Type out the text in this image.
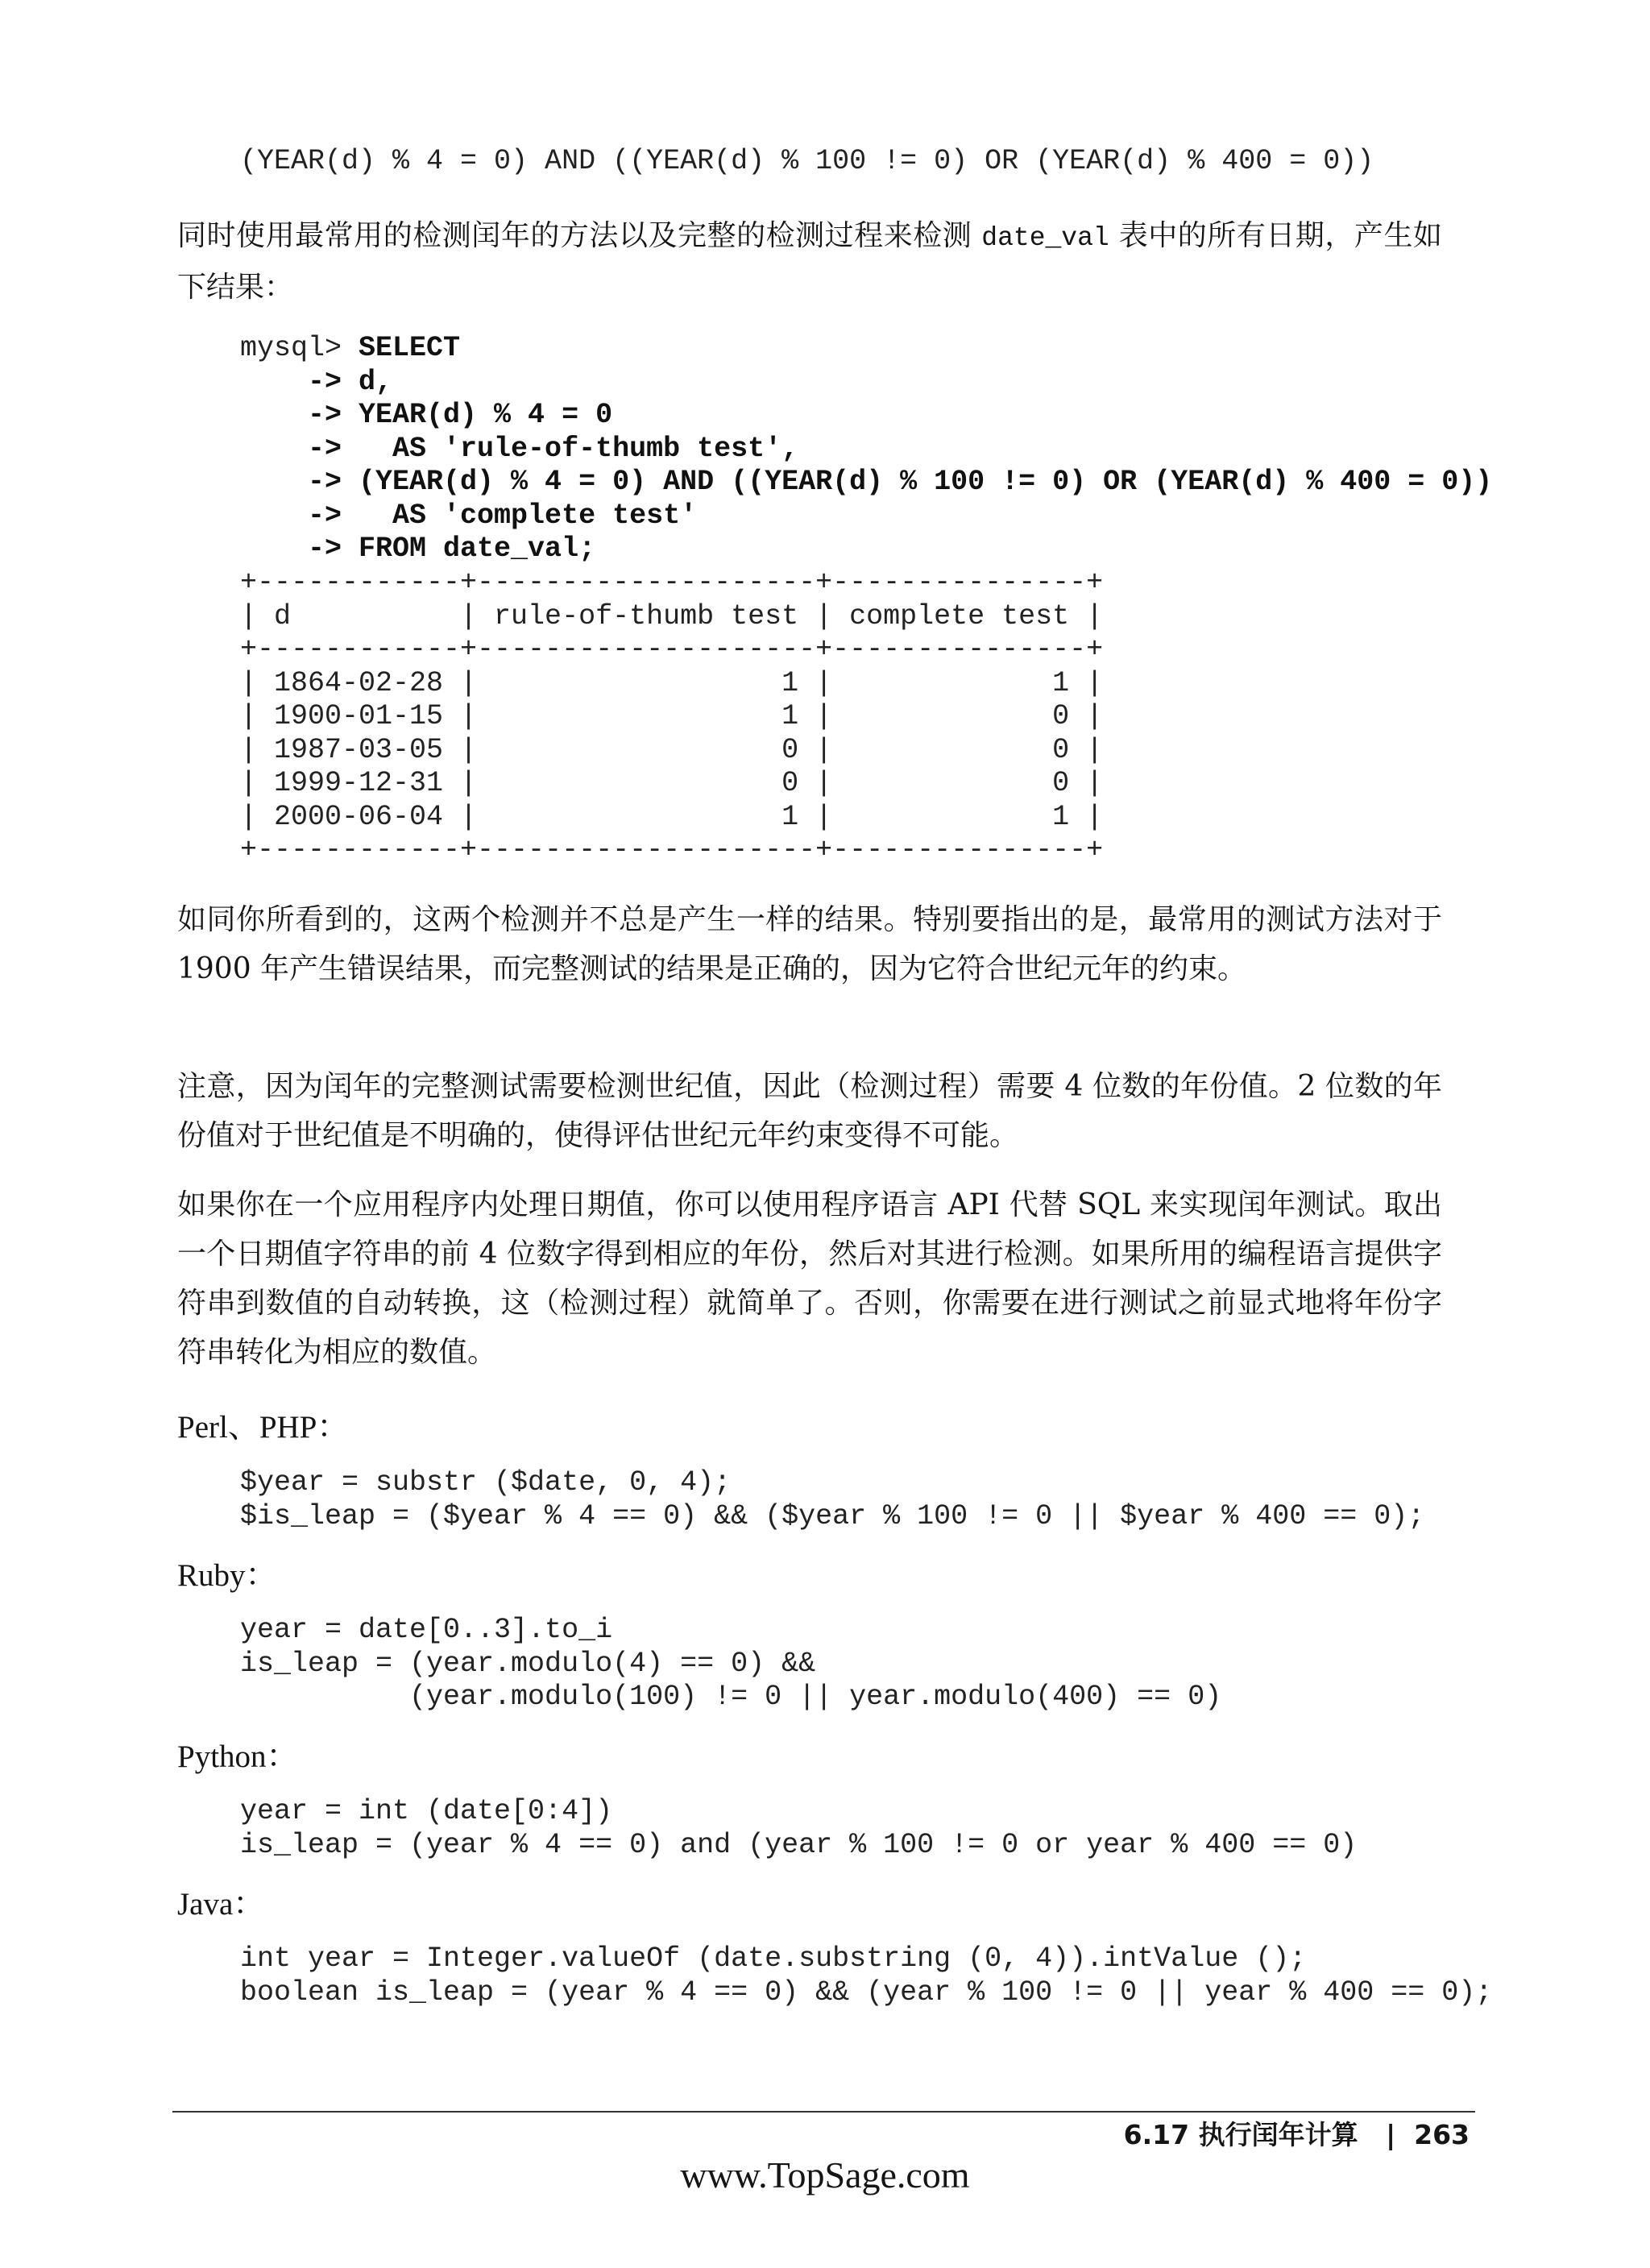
(YEAR(d) % 4 = 0) AND ((YEAR(d) % 100 != 0) OR (YEAR(d) % 400 = 0))

同时使用最常用的检测闰年的方法以及完整的检测过程来检测 date_val 表中的所有日期，产生如下结果：

mysql> SELECT
-> d,
-> YEAR(d) % 4 = 0
->   AS 'rule-of-thumb test',
-> (YEAR(d) % 4 = 0) AND ((YEAR(d) % 100 != 0) OR (YEAR(d) % 400 = 0))
->   AS 'complete test'
-> FROM date_val;
+------------+--------------------+---------------+
| d          | rule-of-thumb test | complete test |
+------------+--------------------+---------------+
| 1864-02-28 |                  1 |             1 |
| 1900-01-15 |                  1 |             0 |
| 1987-03-05 |                  0 |             0 |
| 1999-12-31 |                  0 |             0 |
| 2000-06-04 |                  1 |             1 |
+------------+--------------------+---------------+

如同你所看到的，这两个检测并不总是产生一样的结果。特别要指出的是，最常用的测试方法对于 1900 年产生错误结果，而完整测试的结果是正确的，因为它符合世纪元年的约束。

注意，因为闰年的完整测试需要检测世纪值，因此（检测过程）需要 4 位数的年份值。2 位数的年份值对于世纪值是不明确的，使得评估世纪元年约束变得不可能。

如果你在一个应用程序内处理日期值，你可以使用程序语言 API 代替 SQL 来实现闰年测试。取出一个日期值字符串的前 4 位数字得到相应的年份，然后对其进行检测。如果所用的编程语言提供字符串到数值的自动转换，这（检测过程）就简单了。否则，你需要在进行测试之前显式地将年份字符串转化为相应的数值。

Perl、PHP：
$year = substr ($date, 0, 4);
$is_leap = ($year % 4 == 0) && ($year % 100 != 0 || $year % 400 == 0);
Ruby：
year = date[0..3].to_i
is_leap = (year.modulo(4) == 0) &&
(year.modulo(100) != 0 || year.modulo(400) == 0)
Python：
year = int (date[0:4])
is_leap = (year % 4 == 0) and (year % 100 != 0 or year % 400 == 0)
Java：
int year = Integer.valueOf (date.substring (0, 4)).intValue ();
boolean is_leap = (year % 4 == 0) && (year % 100 != 0 || year % 400 == 0);
6.17 执行闰年计算 | 263
www.TopSage.com
